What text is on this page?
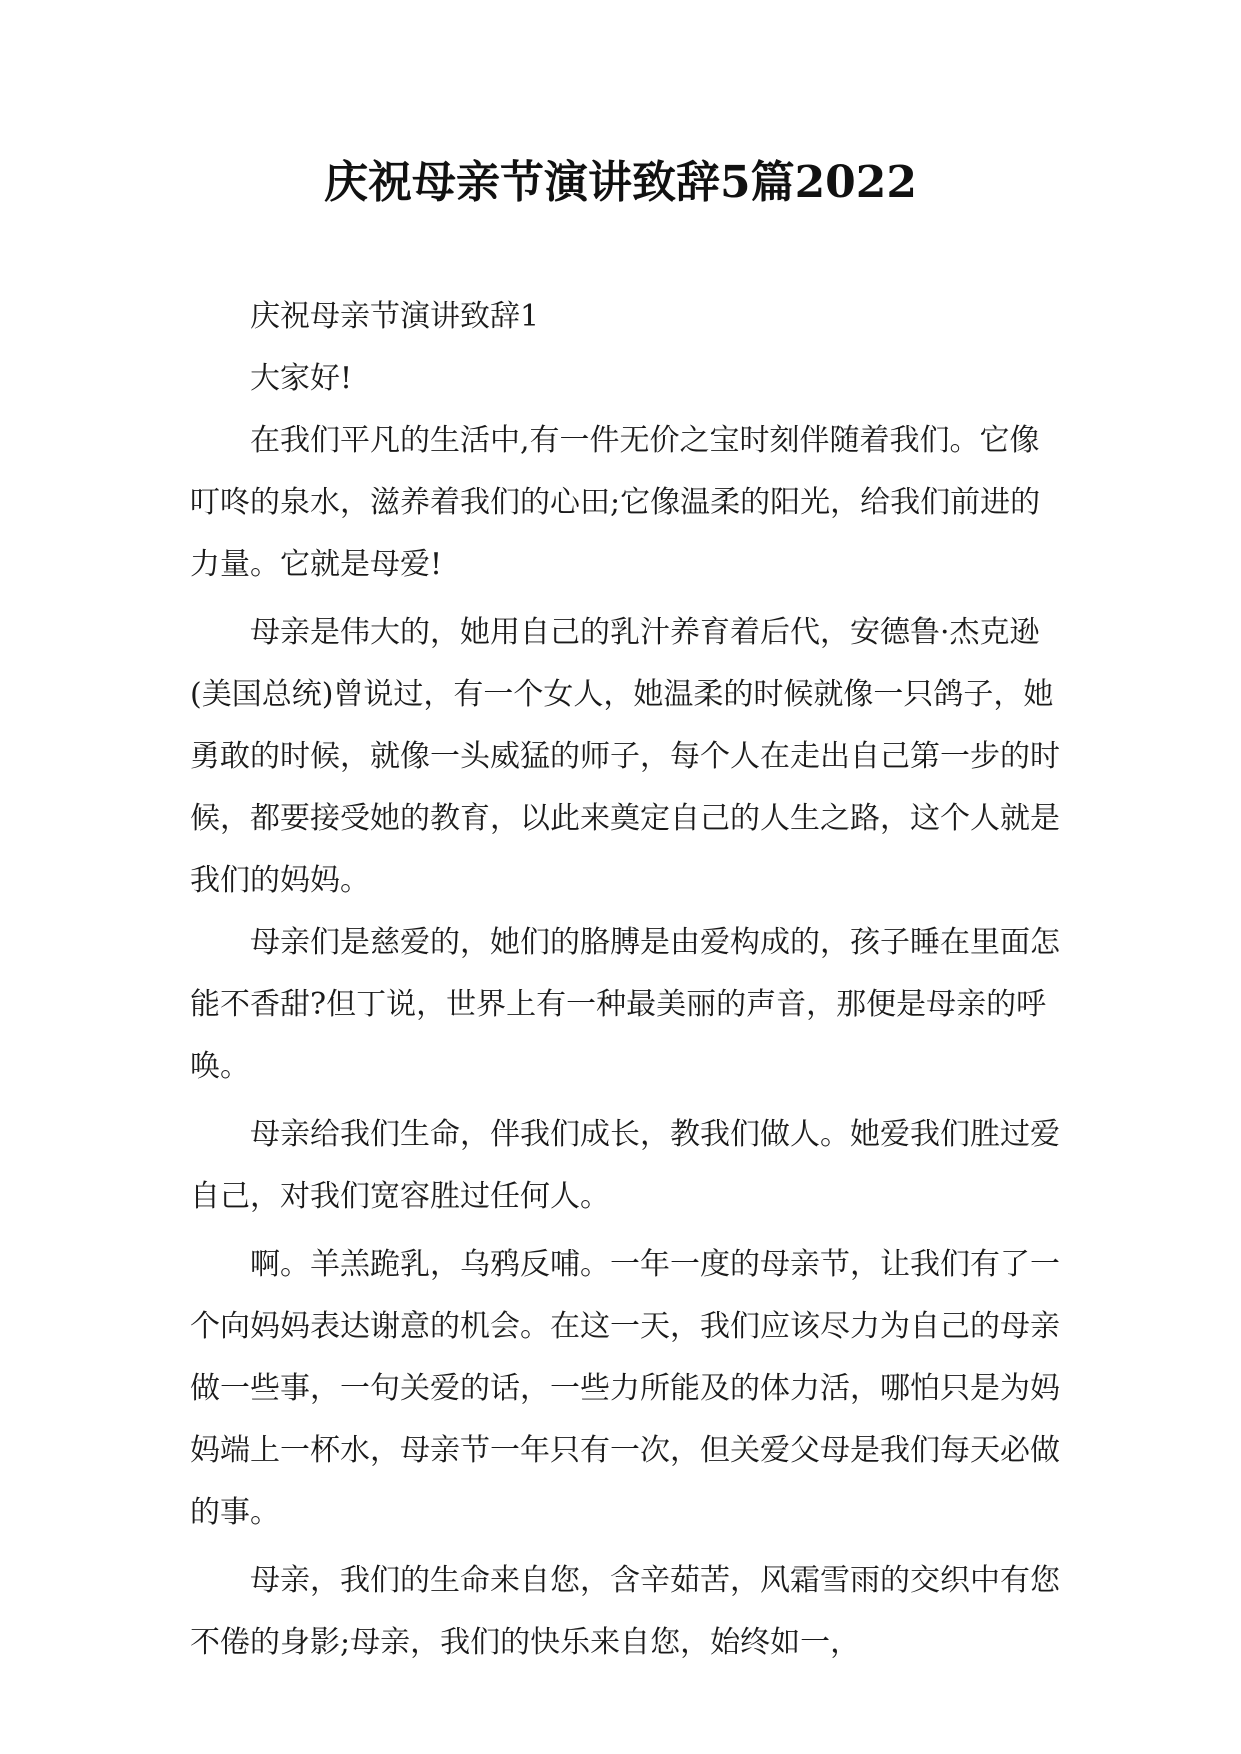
庆祝母亲节演讲致辞5篇2022

庆祝母亲节演讲致辞1

大家好!

在我们平凡的生活中,有一件无价之宝时刻伴随着我们。它像叮咚的泉水，滋养着我们的心田;它像温柔的阳光，给我们前进的力量。它就是母爱!

母亲是伟大的，她用自己的乳汁养育着后代，安德鲁·杰克逊(美国总统)曾说过，有一个女人，她温柔的时候就像一只鸽子，她勇敢的时候，就像一头威猛的师子，每个人在走出自己第一步的时候，都要接受她的教育，以此来奠定自己的人生之路，这个人就是我们的妈妈。

母亲们是慈爱的，她们的胳膊是由爱构成的，孩子睡在里面怎能不香甜?但丁说，世界上有一种最美丽的声音，那便是母亲的呼唤。

母亲给我们生命，伴我们成长，教我们做人。她爱我们胜过爱自己，对我们宽容胜过任何人。

啊。羊羔跪乳，乌鸦反哺。一年一度的母亲节，让我们有了一个向妈妈表达谢意的机会。在这一天，我们应该尽力为自己的母亲做一些事，一句关爱的话，一些力所能及的体力活，哪怕只是为妈妈端上一杯水，母亲节一年只有一次，但关爱父母是我们每天必做的事。

母亲，我们的生命来自您，含辛茹苦，风霜雪雨的交织中有您不倦的身影;母亲，我们的快乐来自您，始终如一，
